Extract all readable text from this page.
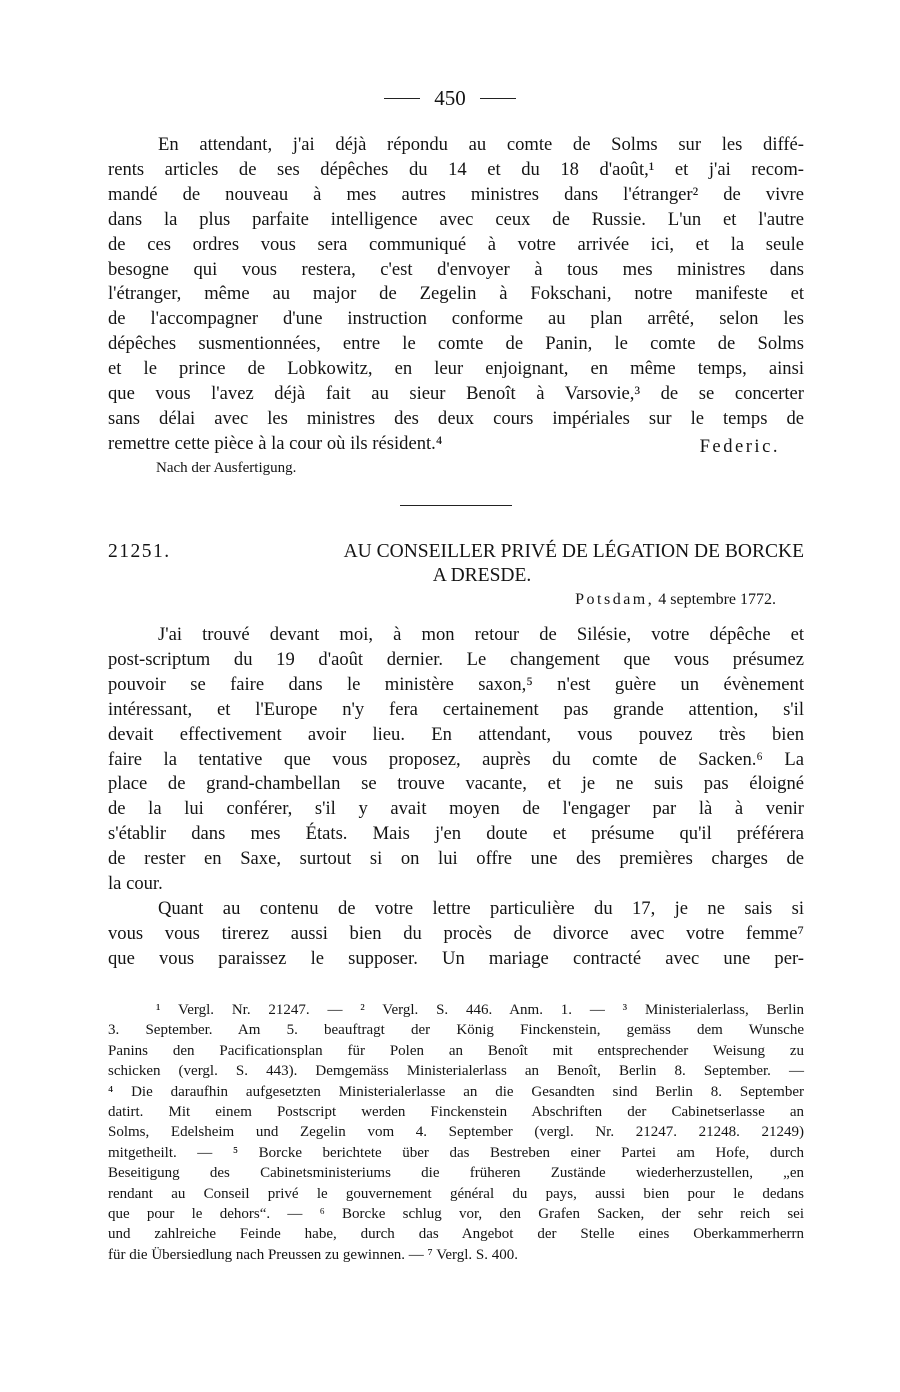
450

En attendant, j'ai déjà répondu au comte de Solms sur les diffé-

rents articles de ses dépêches du 14 et du 18 d'août,¹ et j'ai recom-

mandé de nouveau à mes autres ministres dans l'étranger² de vivre

dans la plus parfaite intelligence avec ceux de Russie. L'un et l'autre

de ces ordres vous sera communiqué à votre arrivée ici, et la seule

besogne qui vous restera, c'est d'envoyer à tous mes ministres dans

l'étranger, même au major de Zegelin à Fokschani, notre manifeste et

de l'accompagner d'une instruction conforme au plan arrêté, selon les

dépêches susmentionnées, entre le comte de Panin, le comte de Solms

et le prince de Lobkowitz, en leur enjoignant, en même temps, ainsi

que vous l'avez déjà fait au sieur Benoît à Varsovie,³ de se concerter

sans délai avec les ministres des deux cours impériales sur le temps de

remettre cette pièce à la cour où ils résident.⁴	Federic.
Nach der Ausfertigung.
21251.	AU CONSEILLER PRIVÉ DE LÉGATION DE BORCKE
A DRESDE.
Potsdam, 4 septembre 1772.

J'ai trouvé devant moi, à mon retour de Silésie, votre dépêche et

post-scriptum du 19 d'août dernier. Le changement que vous présumez

pouvoir se faire dans le ministère saxon,⁵ n'est guère un évènement

intéressant, et l'Europe n'y fera certainement pas grande attention, s'il

devait effectivement avoir lieu. En attendant, vous pouvez très bien

faire la tentative que vous proposez, auprès du comte de Sacken.⁶ La

place de grand-chambellan se trouve vacante, et je ne suis pas éloigné

de la lui conférer, s'il y avait moyen de l'engager par là à venir

s'établir dans mes États. Mais j'en doute et présume qu'il préférera

de rester en Saxe, surtout si on lui offre une des premières charges de

la cour.

Quant au contenu de votre lettre particulière du 17, je ne sais si

vous vous tirerez aussi bien du procès de divorce avec votre femme⁷

que vous paraissez le supposer. Un mariage contracté avec une per-

¹ Vergl. Nr. 21247. — ² Vergl. S. 446. Anm. 1. — ³ Ministerialerlass, Berlin

3. September. Am 5. beauftragt der König Finckenstein, gemäss dem Wunsche

Panins den Pacificationsplan für Polen an Benoît mit entsprechender Weisung zu

schicken (vergl. S. 443). Demgemäss Ministerialerlass an Benoît, Berlin 8. September. —

⁴ Die daraufhin aufgesetzten Ministerialerlasse an die Gesandten sind Berlin 8. September

datirt. Mit einem Postscript werden Finckenstein Abschriften der Cabinetserlasse an

Solms, Edelsheim und Zegelin vom 4. September (vergl. Nr. 21247. 21248. 21249)

mitgetheilt. — ⁵ Borcke berichtete über das Bestreben einer Partei am Hofe, durch

Beseitigung des Cabinetsministeriums die früheren Zustände wiederherzustellen, „en

rendant au Conseil privé le gouvernement général du pays, aussi bien pour le dedans

que pour le dehors“. — ⁶ Borcke schlug vor, den Grafen Sacken, der sehr reich sei

und zahlreiche Feinde habe, durch das Angebot der Stelle eines Oberkammerherrn

für die Übersiedlung nach Preussen zu gewinnen. — ⁷ Vergl. S. 400.
